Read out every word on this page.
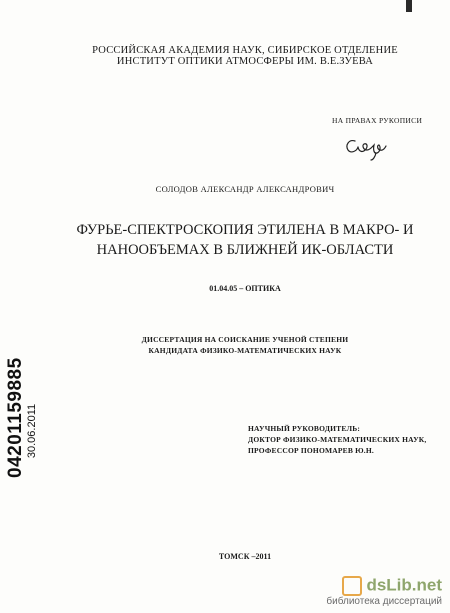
РОССИЙСКАЯ АКАДЕМИЯ НАУК, СИБИРСКОЕ ОТДЕЛЕНИЕ
ИНСТИТУТ ОПТИКИ АТМОСФЕРЫ ИМ. В.Е.ЗУЕВА
НА ПРАВАХ РУКОПИСИ
СОЛОДОВ АЛЕКСАНДР АЛЕКСАНДРОВИЧ
ФУРЬЕ-СПЕКТРОСКОПИЯ ЭТИЛЕНА В МАКРО- И
НАНООБЪЕМАХ В БЛИЖНЕЙ ИК-ОБЛАСТИ
01.04.05 – ОПТИКА
ДИССЕРТАЦИЯ НА СОИСКАНИЕ УЧЕНОЙ СТЕПЕНИ
КАНДИДАТА ФИЗИКО-МАТЕМАТИЧЕСКИХ НАУК
НАУЧНЫЙ РУКОВОДИТЕЛЬ:
ДОКТОР ФИЗИКО-МАТЕМАТИЧЕСКИХ НАУК,
ПРОФЕССОР ПОНОМАРЕВ Ю.Н.
ТОМСК –2011
04201159885 30.06.2011
dsLib.net
библиотека диссертаций
